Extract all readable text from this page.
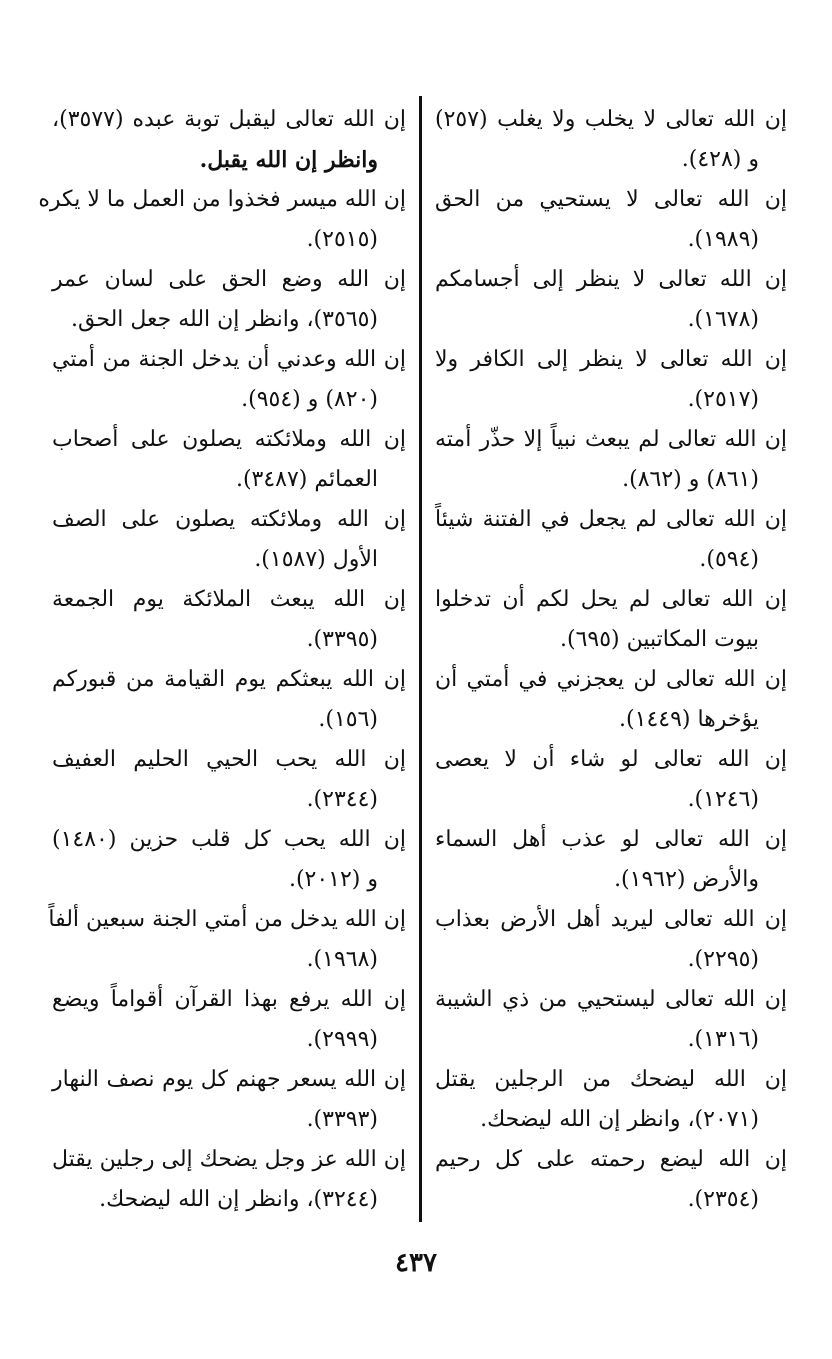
إن الله تعالى لا يخلب ولا يغلب (٢٥٧)
و (٤٢٨).
إن الله تعالى لا يستحيي من الحق
(١٩٨٩).
إن الله تعالى لا ينظر إلى أجسامكم
(١٦٧٨).
إن الله تعالى لا ينظر إلى الكافر ولا
(٢٥١٧).
إن الله تعالى لم يبعث نبياً إلا حذّر أمته
(٨٦١) و (٨٦٢).
إن الله تعالى لم يجعل في الفتنة شيئاً
(٥٩٤).
إن الله تعالى لم يحل لكم أن تدخلوا
بيوت المكاتبين (٦٩٥).
إن الله تعالى لن يعجزني في أمتي أن
يؤخرها (١٤٤٩).
إن الله تعالى لو شاء أن لا يعصى
(١٢٤٦).
إن الله تعالى لو عذب أهل السماء
والأرض (١٩٦٢).
إن الله تعالى ليريد أهل الأرض بعذاب
(٢٢٩٥).
إن الله تعالى ليستحيي من ذي الشيبة
(١٣١٦).
إن الله ليضحك من الرجلين يقتل
(٢٠٧١)، وانظر إن الله ليضحك.
إن الله ليضع رحمته على كل رحيم
(٢٣٥٤).
إن الله تعالى ليقبل توبة عبده (٣٥٧٧)،
وانظر إن الله يقبل.
إن الله ميسر فخذوا من العمل ما لا يكره
(٢٥١٥).
إن الله وضع الحق على لسان عمر
(٣٥٦٥)، وانظر إن الله جعل الحق.
إن الله وعدني أن يدخل الجنة من أمتي
(٨٢٠) و (٩٥٤).
إن الله وملائكته يصلون على أصحاب
العمائم (٣٤٨٧).
إن الله وملائكته يصلون على الصف
الأول (١٥٨٧).
إن الله يبعث الملائكة يوم الجمعة
(٣٣٩٥).
إن الله يبعثكم يوم القيامة من قبوركم
(١٥٦).
إن الله يحب الحيي الحليم العفيف
(٢٣٤٤).
إن الله يحب كل قلب حزين (١٤٨٠)
و (٢٠١٢).
إن الله يدخل من أمتي الجنة سبعين ألفاً
(١٩٦٨).
إن الله يرفع بهذا القرآن أقواماً ويضع
(٢٩٩٩).
إن الله يسعر جهنم كل يوم نصف النهار
(٣٣٩٣).
إن الله عز وجل يضحك إلى رجلين يقتل
(٣٢٤٤)، وانظر إن الله ليضحك.
٤٣٧
